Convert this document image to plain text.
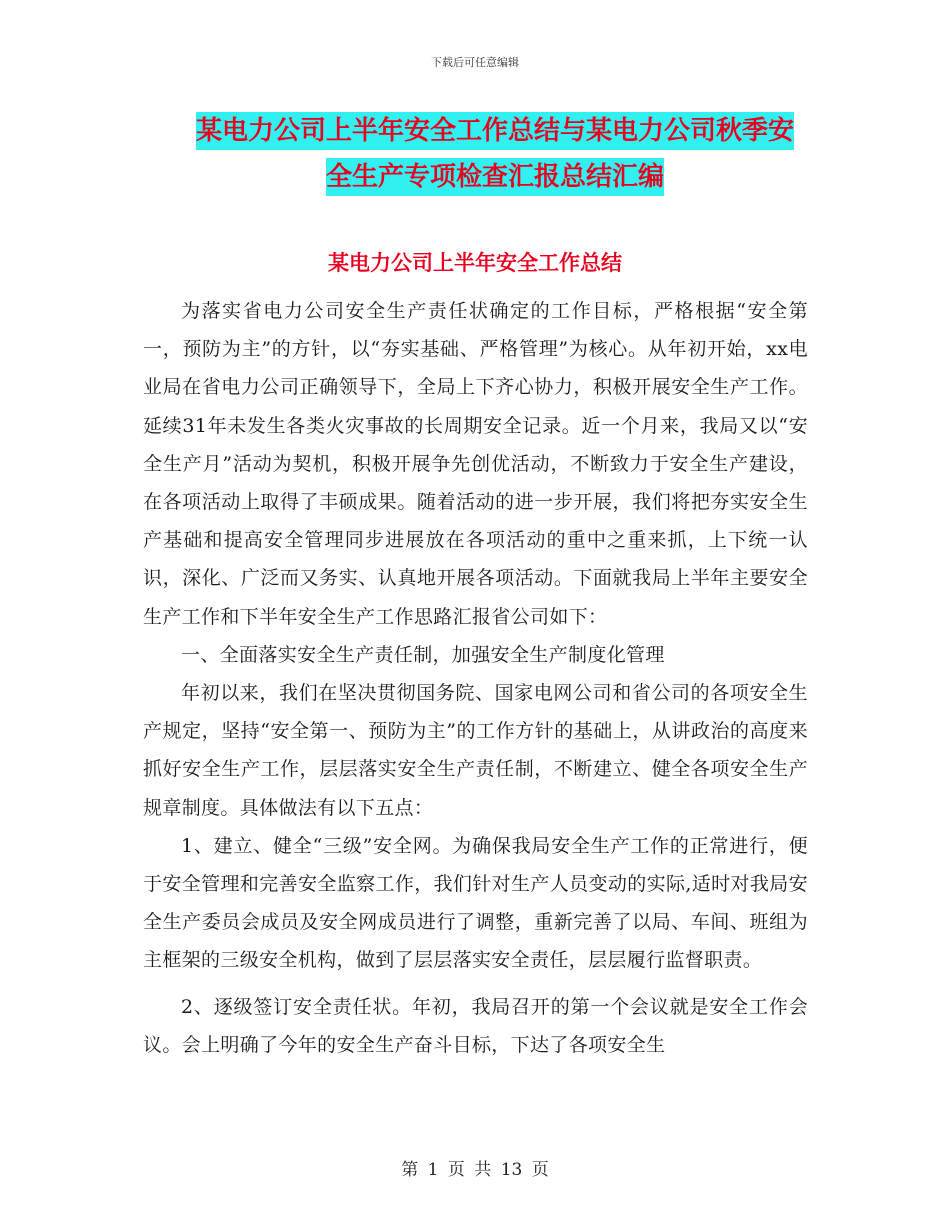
下载后可任意编辑
某电力公司上半年安全工作总结与某电力公司秋季安
全生产专项检查汇报总结汇编
某电力公司上半年安全工作总结

为落实省电力公司安全生产责任状确定的工作目标，严格根据“安全第一，预防为主”的方针，以“夯实基础、严格管理”为核心。从年初开始，xx电业局在省电力公司正确领导下，全局上下齐心协力，积极开展安全生产工作。延续31年未发生各类火灾事故的长周期安全记录。近一个月来，我局又以“安全生产月”活动为契机，积极开展争先创优活动，不断致力于安全生产建设，在各项活动上取得了丰硕成果。随着活动的进一步开展，我们将把夯实安全生产基础和提高安全管理同步进展放在各项活动的重中之重来抓，上下统一认识，深化、广泛而又务实、认真地开展各项活动。下面就我局上半年主要安全生产工作和下半年安全生产工作思路汇报省公司如下：

一、全面落实安全生产责任制，加强安全生产制度化管理

年初以来，我们在坚决贯彻国务院、国家电网公司和省公司的各项安全生产规定，坚持“安全第一、预防为主”的工作方针的基础上，从讲政治的高度来抓好安全生产工作，层层落实安全生产责任制，不断建立、健全各项安全生产规章制度。具体做法有以下五点：

1、建立、健全“三级”安全网。为确保我局安全生产工作的正常进行，便于安全管理和完善安全监察工作，我们针对生产人员变动的实际,适时对我局安全生产委员会成员及安全网成员进行了调整，重新完善了以局、车间、班组为主框架的三级安全机构，做到了层层落实安全责任，层层履行监督职责。

2、逐级签订安全责任状。年初，我局召开的第一个会议就是安全工作会议。会上明确了今年的安全生产奋斗目标，下达了各项安全生

第 1 页 共 13 页
